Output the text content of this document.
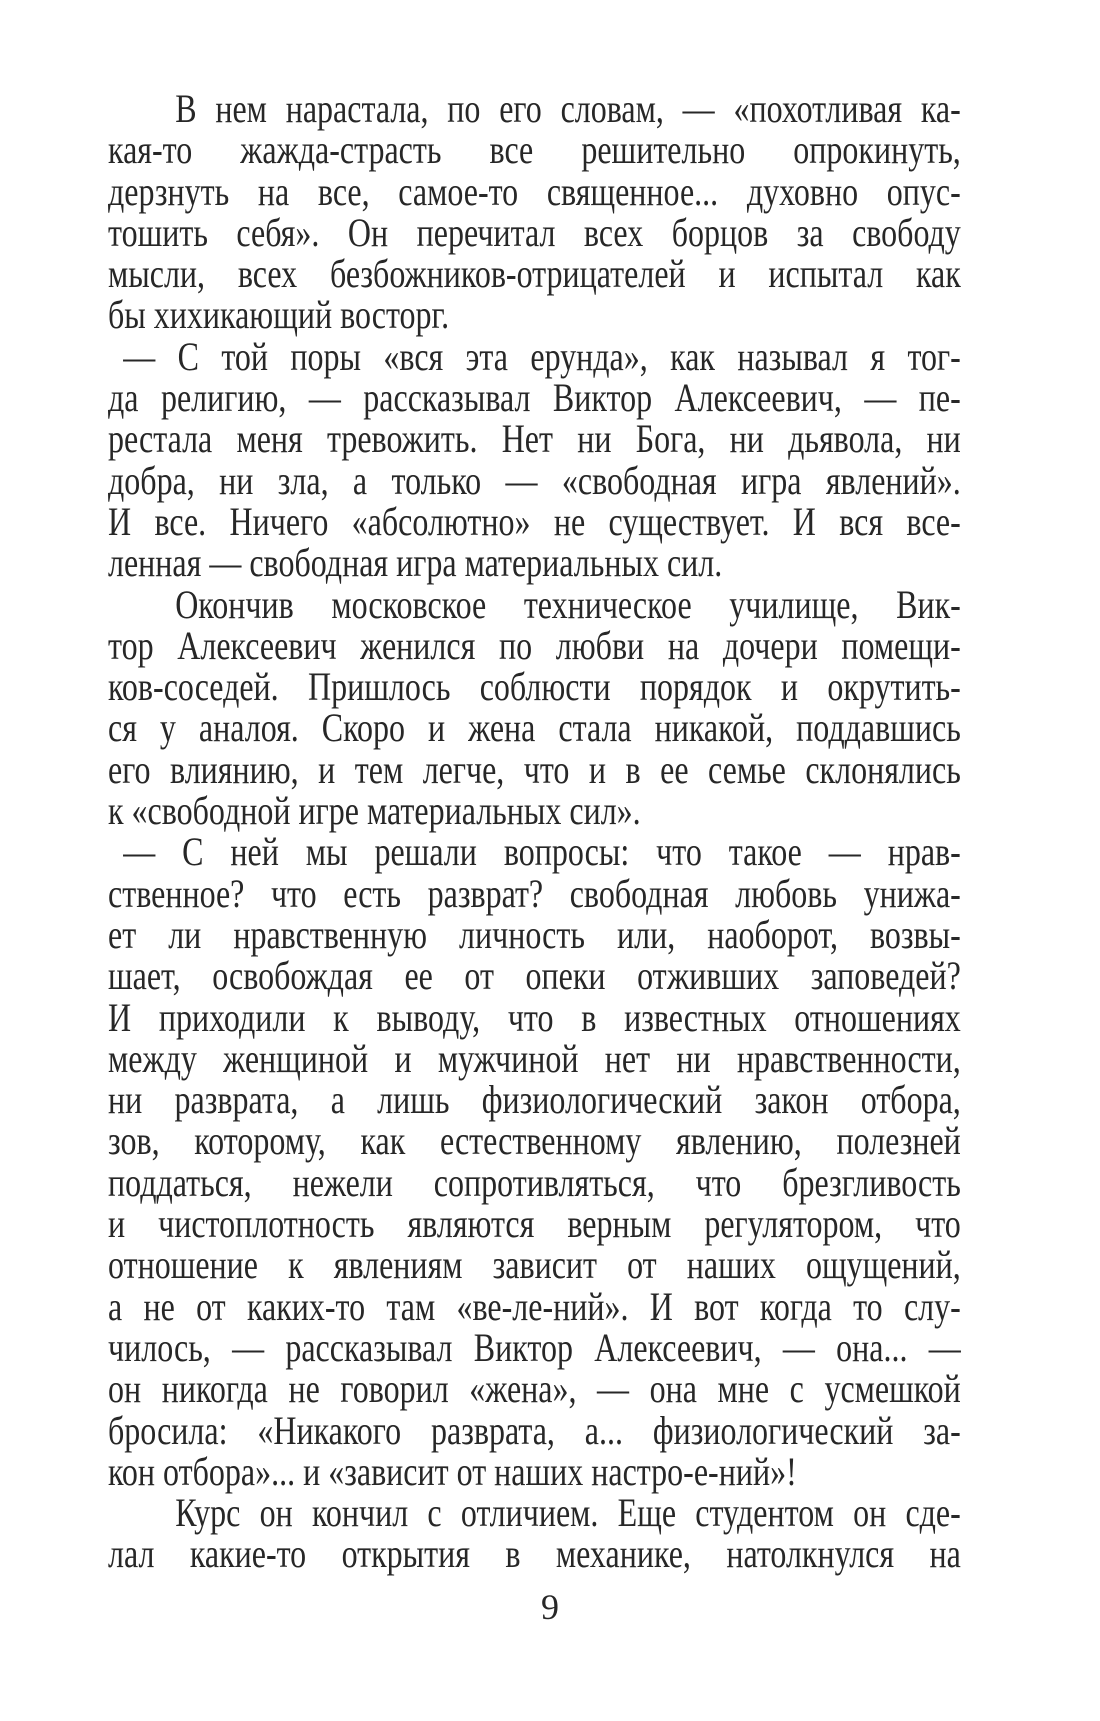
В нем нарастала, по его словам, — «похотливая ка-
кая-то жажда-страсть все решительно опрокинуть,
дерзнуть на все, самое-то священное... духовно опус-
тошить себя». Он перечитал всех борцов за свободу
мысли, всех безбожников-отрицателей и испытал как
бы хихикающий восторг.
— С той поры «вся эта ерунда», как называл я тог-
да религию, — рассказывал Виктор Алексеевич, — пе-
рестала меня тревожить. Нет ни Бога, ни дьявола, ни
добра, ни зла, а только — «свободная игра явлений».
И все. Ничего «абсолютно» не существует. И вся все-
ленная — свободная игра материальных сил.
Окончив московское техническое училище, Вик-
тор Алексеевич женился по любви на дочери помещи-
ков-соседей. Пришлось соблюсти порядок и окрутить-
ся у аналоя. Скоро и жена стала никакой, поддавшись
его влиянию, и тем легче, что и в ее семье склонялись
к «свободной игре материальных сил».
— С ней мы решали вопросы: что такое — нрав-
ственное? что есть разврат? свободная любовь унижа-
ет ли нравственную личность или, наоборот, возвы-
шает, освобождая ее от опеки отживших заповедей?
И приходили к выводу, что в известных отношениях
между женщиной и мужчиной нет ни нравственности,
ни разврата, а лишь физиологический закон отбора,
зов, которому, как естественному явлению, полезней
поддаться, нежели сопротивляться, что брезгливость
и чистоплотность являются верным регулятором, что
отношение к явлениям зависит от наших ощущений,
а не от каких-то там «ве-ле-ний». И вот когда то слу-
чилось, — рассказывал Виктор Алексеевич, — она... —
он никогда не говорил «жена», — она мне с усмешкой
бросила: «Никакого разврата, а... физиологический за-
кон отбора»... и «зависит от наших настро-е-ний»!
Курс он кончил с отличием. Еще студентом он сде-
лал какие-то открытия в механике, натолкнулся на
9
